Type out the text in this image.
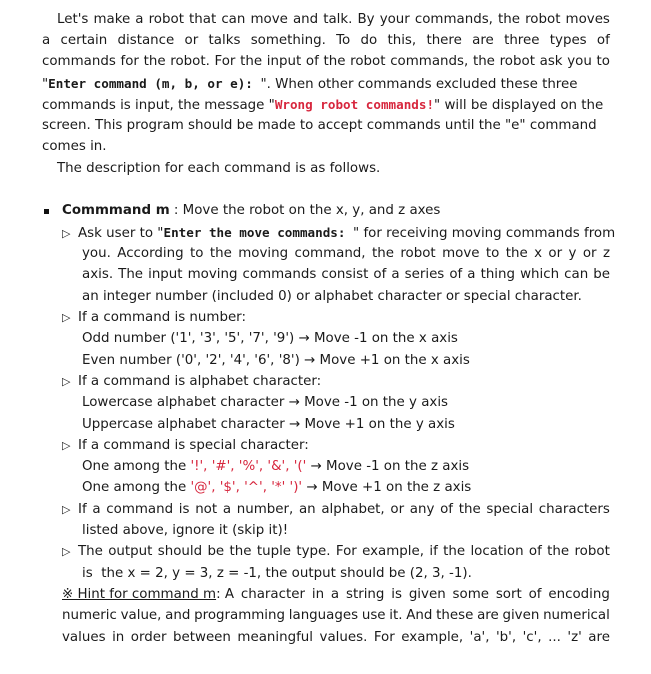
Let's make a robot that can move and talk. By your commands, the robot moves
a certain distance or talks something. To do this, there are three types of
commands for the robot. For the input of the robot commands, the robot ask you to
"Enter command (m, b, or e): ". When other commands excluded these three
commands is input, the message "Wrong robot commands!" will be displayed on the
screen. This program should be made to accept commands until the "e" command
comes in.
The description for each command is as follows.
Commmand m : Move the robot on the x, y, and z axes
▷ Ask user to "Enter the move commands: " for receiving moving commands from
you. According to the moving command, the robot move to the x or y or z
axis. The input moving commands consist of a series of a thing which can be
an integer number (included 0) or alphabet character or special character.
▷ If a command is number:
Odd number ('1', '3', '5', '7', '9') → Move -1 on the x axis
Even number ('0', '2', '4', '6', '8') → Move +1 on the x axis
▷ If a command is alphabet character:
Lowercase alphabet character → Move -1 on the y axis
Uppercase alphabet character → Move +1 on the y axis
▷ If a command is special character:
One among the '!', '#', '%', '&', '(' → Move -1 on the z axis
One among the '@', '$', '^', '*' ')' → Move +1 on the z axis
▷ If a command is not a number, an alphabet, or any of the special characters
listed above, ignore it (skip it)!
▷ The output should be the tuple type. For example, if the location of the robot
is  the x = 2, y = 3, z = -1, the output should be (2, 3, -1).
※ Hint for command m : A character in a string is given some sort of encoding
numeric value, and programming languages use it. And these are given numerical
values in order between meaningful values. For example, 'a', 'b', 'c', ... 'z' are
